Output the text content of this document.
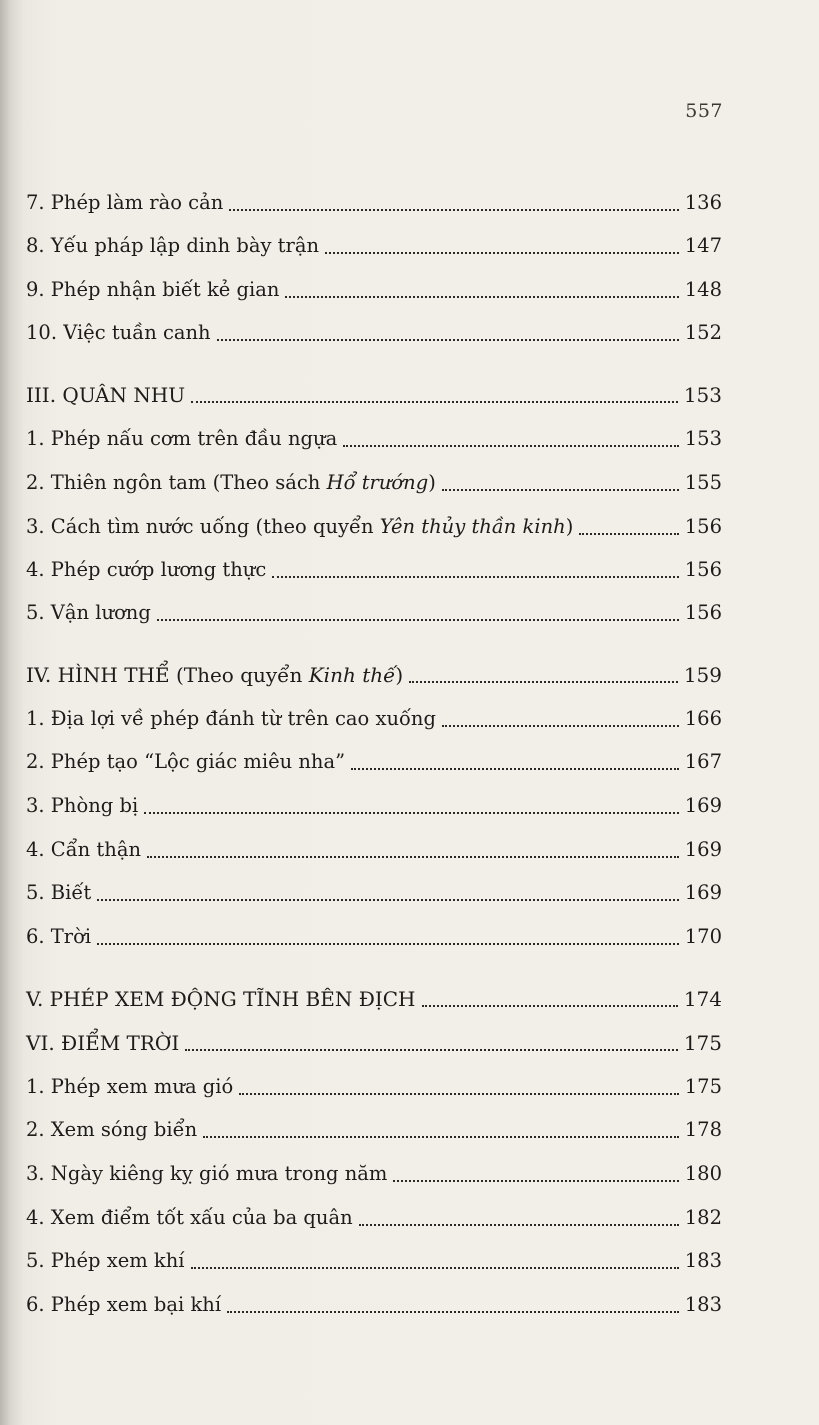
557
7. Phép làm rào cản	136
8. Yếu pháp lập dinh bày trận	147
9. Phép nhận biết kẻ gian	148
10. Việc tuần canh	152
III. QUÂN NHU	153
1. Phép nấu cơm trên đầu ngựa	153
2. Thiên ngôn tam (Theo sách Hổ trướng)	155
3. Cách tìm nước uống (theo quyển Yên thủy thần kinh)	156
4. Phép cướp lương thực	156
5. Vận lương	156
IV. HÌNH THỂ (Theo quyển Kinh thế)	159
1. Địa lợi về phép đánh từ trên cao xuống	166
2. Phép tạo “Lộc giác miêu nha”	167
3. Phòng bị	169
4. Cẩn thận	169
5. Biết	169
6. Trời	170
V. PHÉP XEM ĐỘNG TĨNH BÊN ĐỊCH	174
VI. ĐIỂM TRỜI	175
1. Phép xem mưa gió	175
2. Xem sóng biển	178
3. Ngày kiêng kỵ gió mưa trong năm	180
4. Xem điểm tốt xấu của ba quân	182
5. Phép xem khí	183
6. Phép xem bại khí	183
